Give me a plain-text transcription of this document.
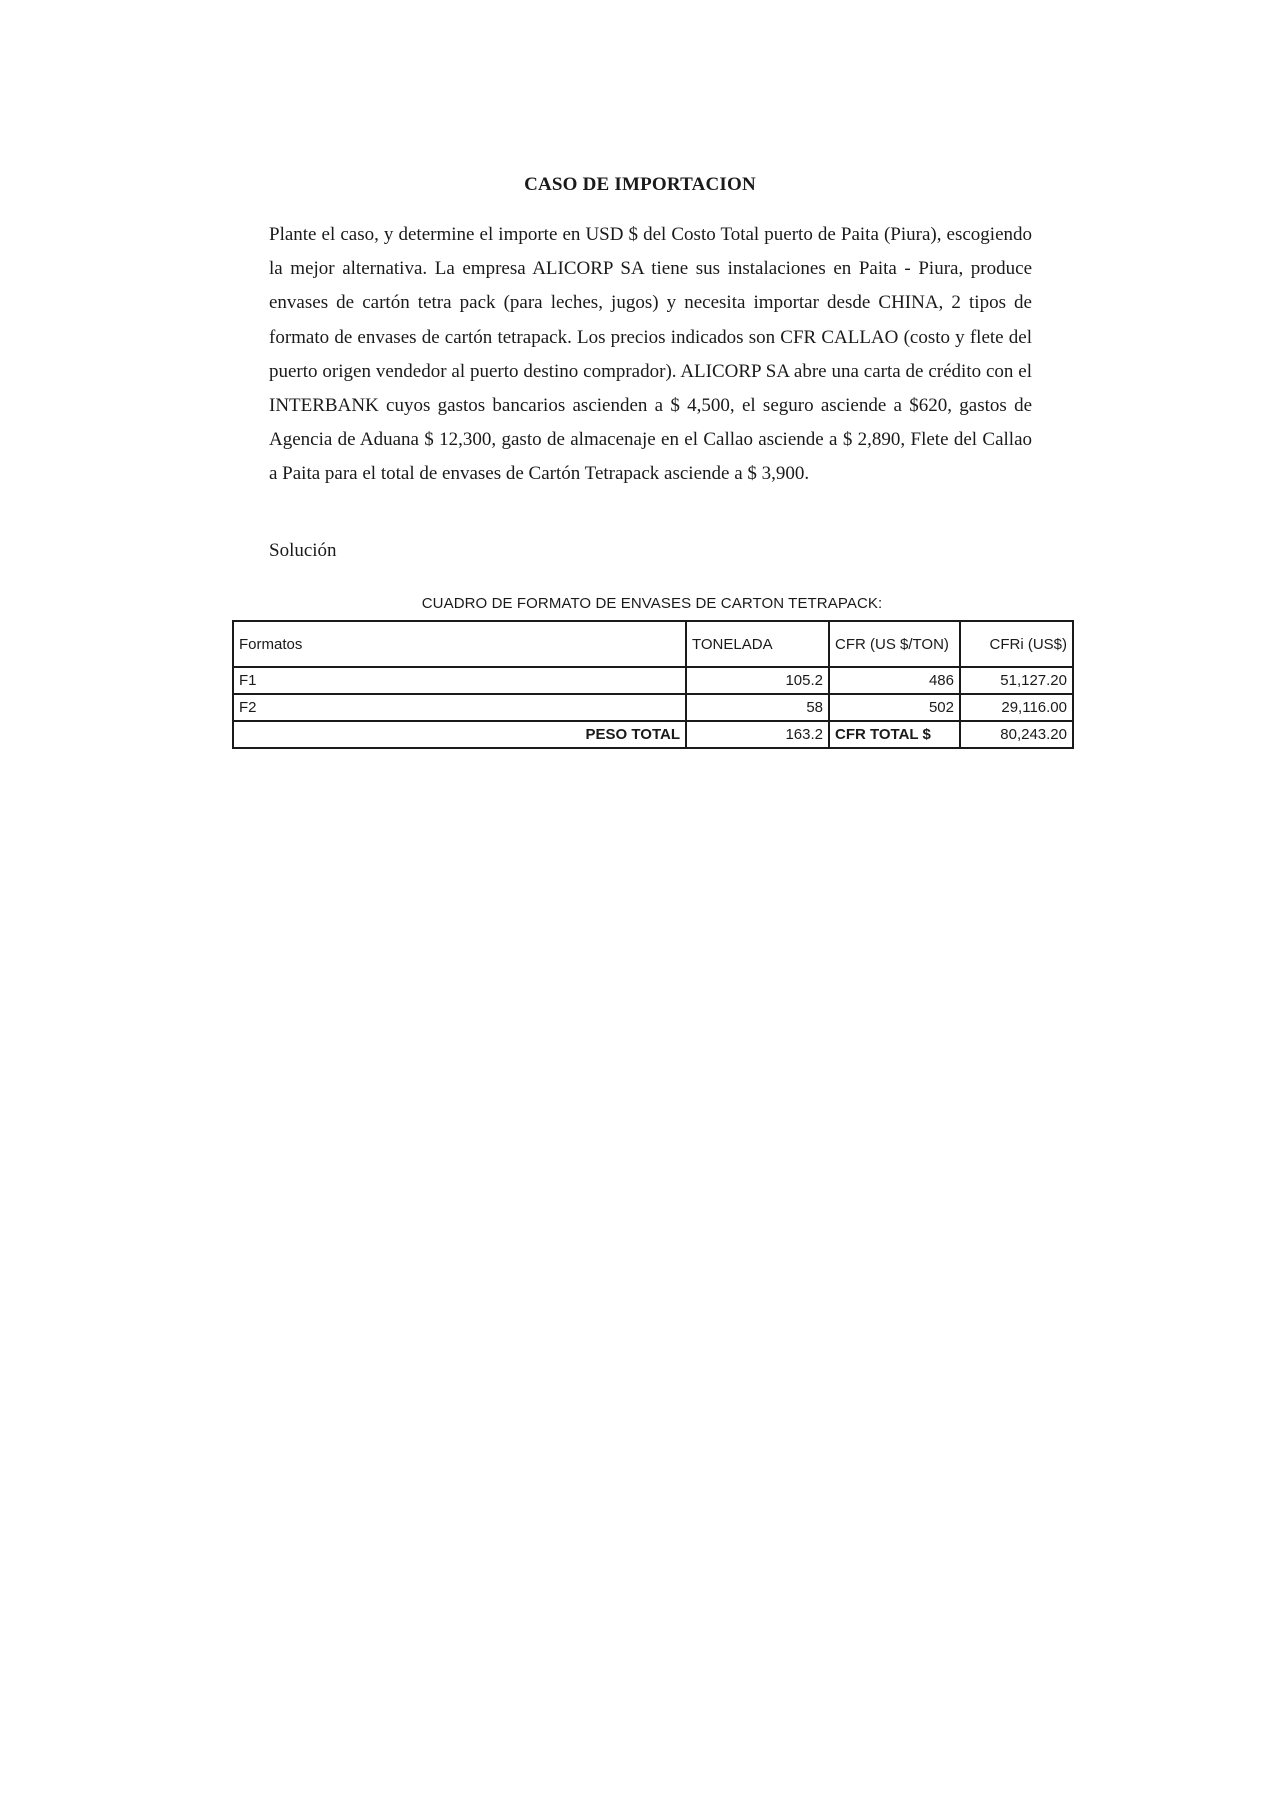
CASO DE IMPORTACION

Plante el caso, y determine el importe en USD $ del Costo Total puerto de Paita (Piura), escogiendo la mejor alternativa. La empresa ALICORP SA tiene sus instalaciones en Paita - Piura, produce envases de cartón tetra pack (para leches, jugos) y necesita importar desde CHINA, 2 tipos de formato de envases de cartón tetrapack. Los precios indicados son CFR CALLAO (costo y flete del puerto origen vendedor al puerto destino comprador). ALICORP SA abre una carta de crédito con el INTERBANK cuyos gastos bancarios ascienden a $ 4,500, el seguro asciende a $620, gastos de Agencia de Aduana $ 12,300, gasto de almacenaje en el Callao asciende a $ 2,890, Flete del Callao a Paita para el total de envases de Cartón Tetrapack asciende a $ 3,900.

Solución
CUADRO DE FORMATO DE ENVASES DE CARTON TETRAPACK:
Formatos	TONELADA	CFR (US $/TON)	CFRi (US$)
F1	105.2	486	51,127.20
F2	58	502	29,116.00
PESO TOTAL	163.2	CFR TOTAL $	80,243.20
